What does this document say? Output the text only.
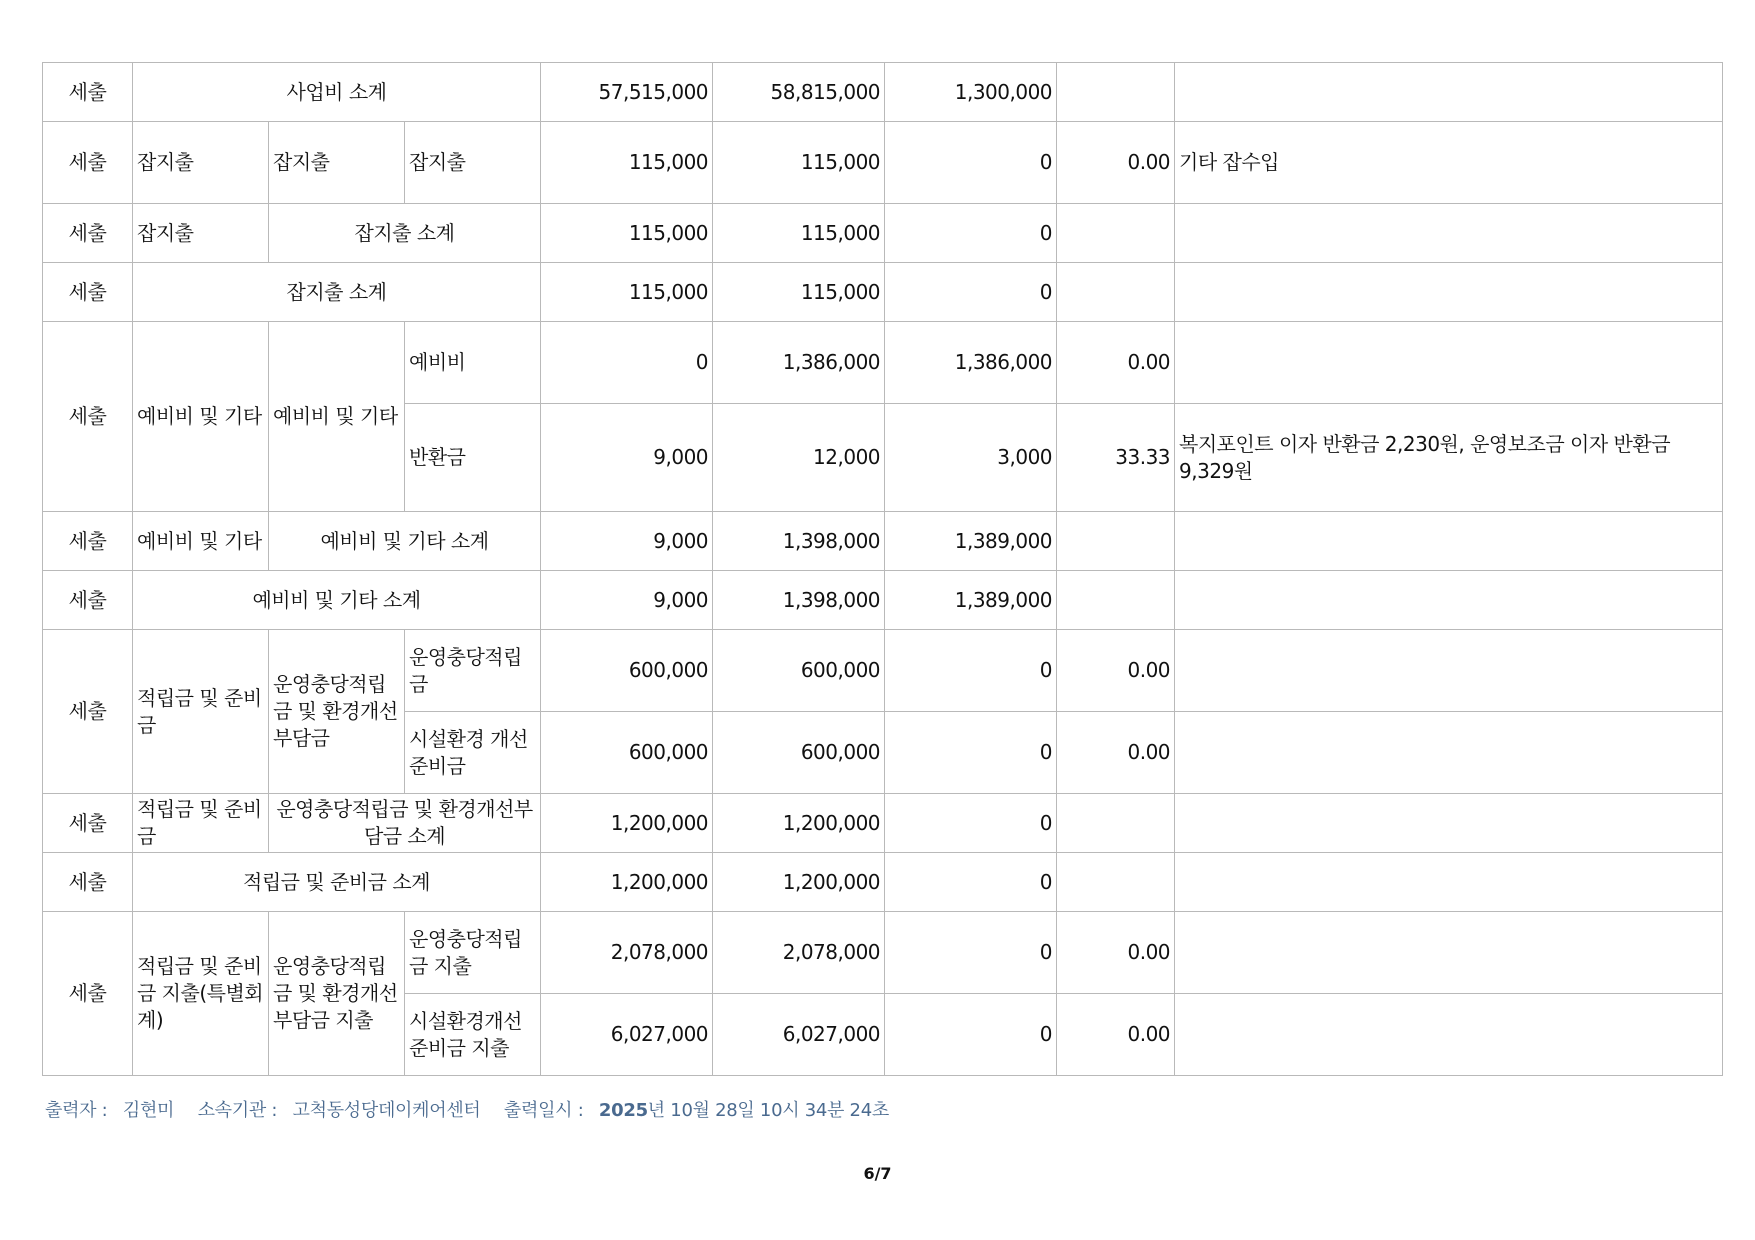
세출	사업비 소계			57,515,000	58,815,000	1,300,000		
세출	잡지출	잡지출	잡지출	115,000	115,000	0	0.00	기타 잡수입
세출	잡지출	잡지출 소계		115,000	115,000	0		
세출	잡지출 소계			115,000	115,000	0		
세출	예비비 및 기타	예비비 및 기타	예비비	0	1,386,000	1,386,000	0.00	
			반환금	9,000	12,000	3,000	33.33	복지포인트 이자 반환금 2,230원, 운영보조금 이자 반환금 9,329원
세출	예비비 및 기타	예비비 및 기타 소계		9,000	1,398,000	1,389,000		
세출	예비비 및 기타 소계			9,000	1,398,000	1,389,000		
세출	적립금 및 준비금	운영충당적립금 및 환경개선부담금	운영충당적립금	600,000	600,000	0	0.00	
			시설환경 개선준비금	600,000	600,000	0	0.00	
세출	적립금 및 준비금	운영충당적립금 및 환경개선부담금 소계		1,200,000	1,200,000	0		
세출	적립금 및 준비금 소계			1,200,000	1,200,000	0		
세출	적립금 및 준비금 지출(특별회계)	운영충당적립금 및 환경개선부담금 지출	운영충당적립금 지출	2,078,000	2,078,000	0	0.00	
			시설환경개선준비금 지출	6,027,000	6,027,000	0	0.00	
출력자 : 김현미 소속기관 : 고척동성당데이케어센터 출력일시 : 2025년 10월 28일 10시 34분 24초
6/7
